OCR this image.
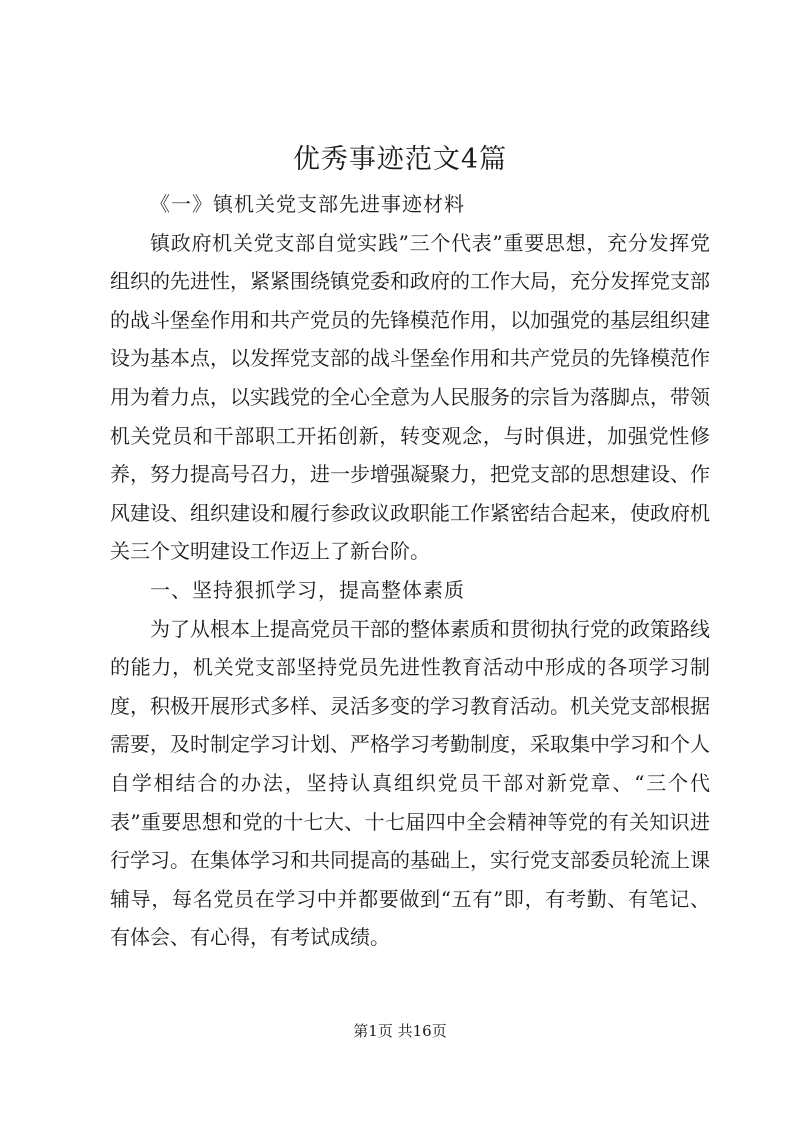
优秀事迹范文4篇

《一》镇机关党支部先进事迹材料

镇政府机关党支部自觉实践”三个代表”重要思想，充分发挥党组织的先进性，紧紧围绕镇党委和政府的工作大局，充分发挥党支部的战斗堡垒作用和共产党员的先锋模范作用，以加强党的基层组织建设为基本点，以发挥党支部的战斗堡垒作用和共产党员的先锋模范作用为着力点，以实践党的全心全意为人民服务的宗旨为落脚点，带领机关党员和干部职工开拓创新，转变观念，与时俱进，加强党性修养，努力提高号召力，进一步增强凝聚力，把党支部的思想建设、作风建设、组织建设和履行参政议政职能工作紧密结合起来，使政府机关三个文明建设工作迈上了新台阶。

一、坚持狠抓学习，提高整体素质

为了从根本上提高党员干部的整体素质和贯彻执行党的政策路线的能力，机关党支部坚持党员先进性教育活动中形成的各项学习制度，积极开展形式多样、灵活多变的学习教育活动。机关党支部根据需要，及时制定学习计划、严格学习考勤制度，采取集中学习和个人自学相结合的办法，坚持认真组织党员干部对新党章、“三个代表”重要思想和党的十七大、十七届四中全会精神等党的有关知识进行学习。在集体学习和共同提高的基础上，实行党支部委员轮流上课辅导，每名党员在学习中并都要做到“五有”即，有考勤、有笔记、有体会、有心得，有考试成绩。

第1页 共16页
